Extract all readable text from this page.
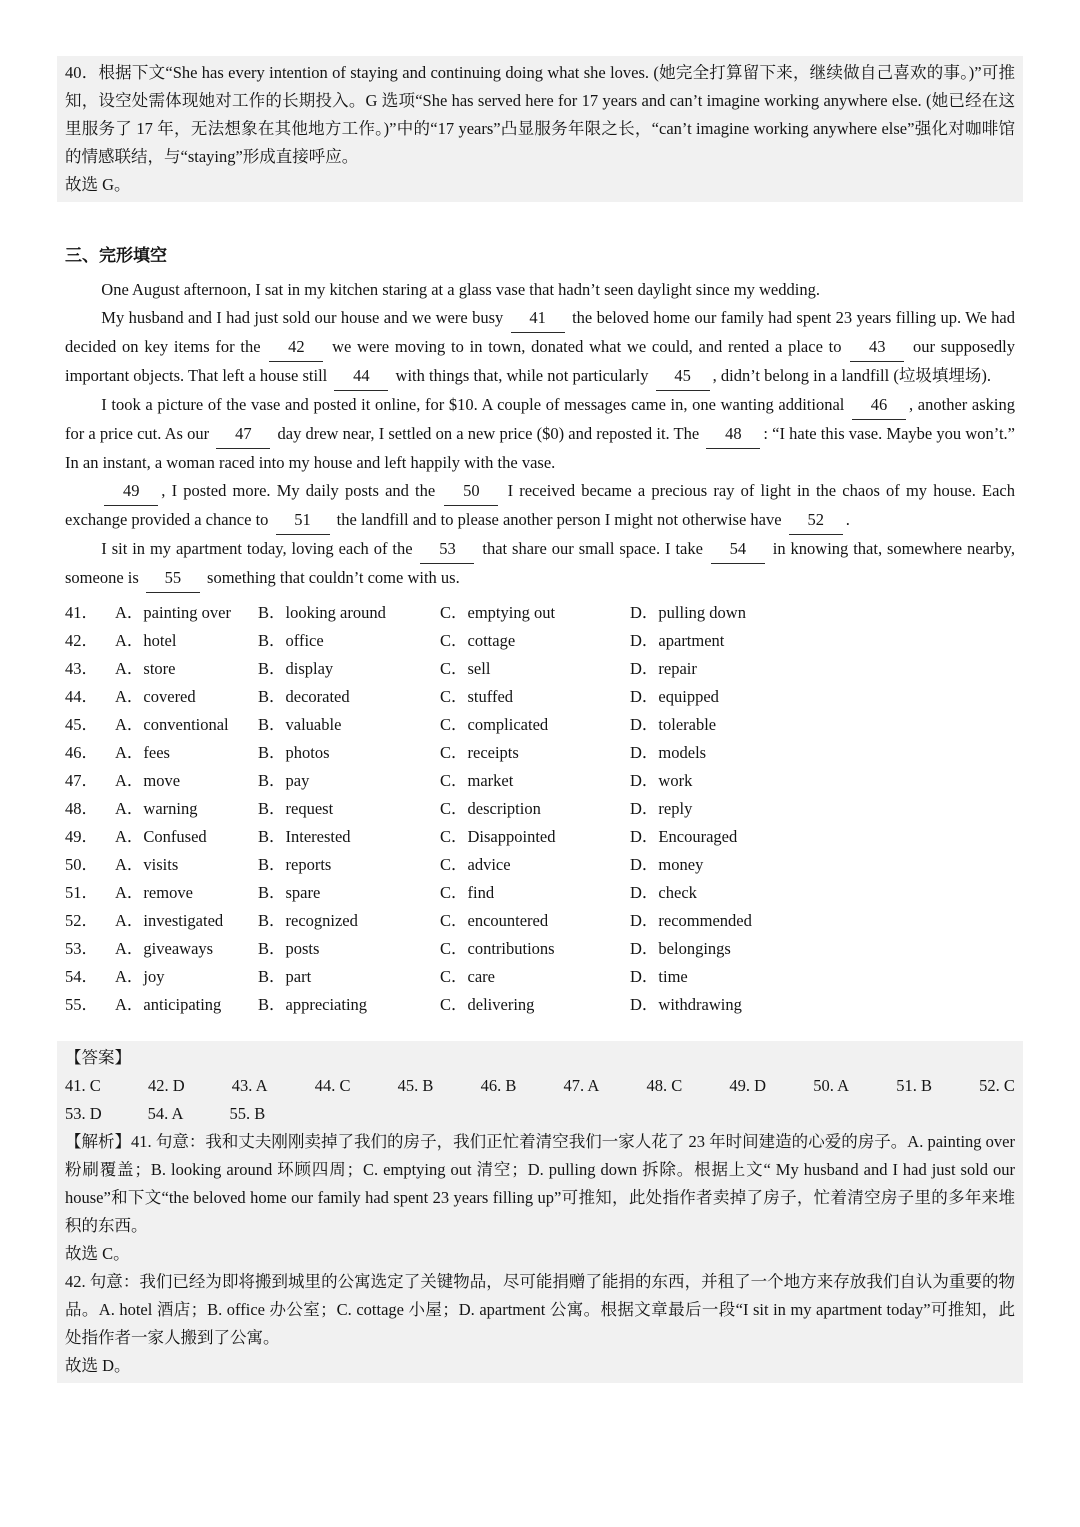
40．根据下文“She has every intention of staying and continuing doing what she loves. (她完全打算留下来，继续做自己喜欢的事。)”可推知，设空处需体现她对工作的长期投入。G 选项“She has served here for 17 years and can’t imagine working anywhere else. (她已经在这里服务了 17 年，无法想象在其他地方工作。)”中的“17 years”凸显服务年限之长，“can’t imagine working anywhere else”强化对咖啡馆的情感联结，与“staying”形成直接呼应。

故选 G。

三、完形填空

One August afternoon, I sat in my kitchen staring at a glass vase that hadn’t seen daylight since my wedding.

My husband and I had just sold our house and we were busy 41 the beloved home our family had spent 23 years filling up. We had decided on key items for the 42 we were moving to in town, donated what we could, and rented a place to 43 our supposedly important objects. That left a house still 44 with things that, while not particularly 45 , didn’t belong in a landfill (垃圾填埋场).

I took a picture of the vase and posted it online, for $10. A couple of messages came in, one wanting additional 46 , another asking for a price cut. As our 47 day drew near, I settled on a new price ($0) and reposted it. The 48 : “I hate this vase. Maybe you won’t.” In an instant, a woman raced into my house and left happily with the vase.

49 , I posted more. My daily posts and the 50 I received became a precious ray of light in the chaos of my house. Each exchange provided a chance to 51 the landfill and to please another person I might not otherwise have 52 .

I sit in my apartment today, loving each of the 53 that share our small space. I take 54 in knowing that, somewhere nearby, someone is 55 something that couldn’t come with us.

41．	A．painting over	B．looking around	C．emptying out	D．pulling down
42．	A．hotel	B．office	C．cottage	D．apartment
43．	A．store	B．display	C．sell	D．repair
44．	A．covered	B．decorated	C．stuffed	D．equipped
45．	A．conventional	B．valuable	C．complicated	D．tolerable
46．	A．fees	B．photos	C．receipts	D．models
47．	A．move	B．pay	C．market	D．work
48．	A．warning	B．request	C．description	D．reply
49．	A．Confused	B．Interested	C．Disappointed	D．Encouraged
50．	A．visits	B．reports	C．advice	D．money
51．	A．remove	B．spare	C．find	D．check
52．	A．investigated	B．recognized	C．encountered	D．recommended
53．	A．giveaways	B．posts	C．contributions	D．belongings
54．	A．joy	B．part	C．care	D．time
55．	A．anticipating	B．appreciating	C．delivering	D．withdrawing

【答案】

41. C	42. D	43. A	44. C	45. B	46. B	47. A	48. C	49. D	50. A	51. B	52. C
53. D	54. A	55. B

【解析】41. 句意：我和丈夫刚刚卖掉了我们的房子，我们正忙着清空我们一家人花了 23 年时间建造的心爱的房子。A. painting over 粉刷覆盖；B. looking around 环顾四周；C. emptying out 清空；D. pulling down 拆除。根据上文“ My husband and I had just sold our house”和下文“the beloved home our family had spent 23 years filling up”可推知，此处指作者卖掉了房子，忙着清空房子里的多年来堆积的东西。

故选 C。

42. 句意：我们已经为即将搬到城里的公寓选定了关键物品，尽可能捐赠了能捐的东西，并租了一个地方来存放我们自认为重要的物品。A. hotel 酒店；B. office 办公室；C. cottage 小屋；D. apartment 公寓。根据文章最后一段“I sit in my apartment today”可推知，此处指作者一家人搬到了公寓。

故选 D。
